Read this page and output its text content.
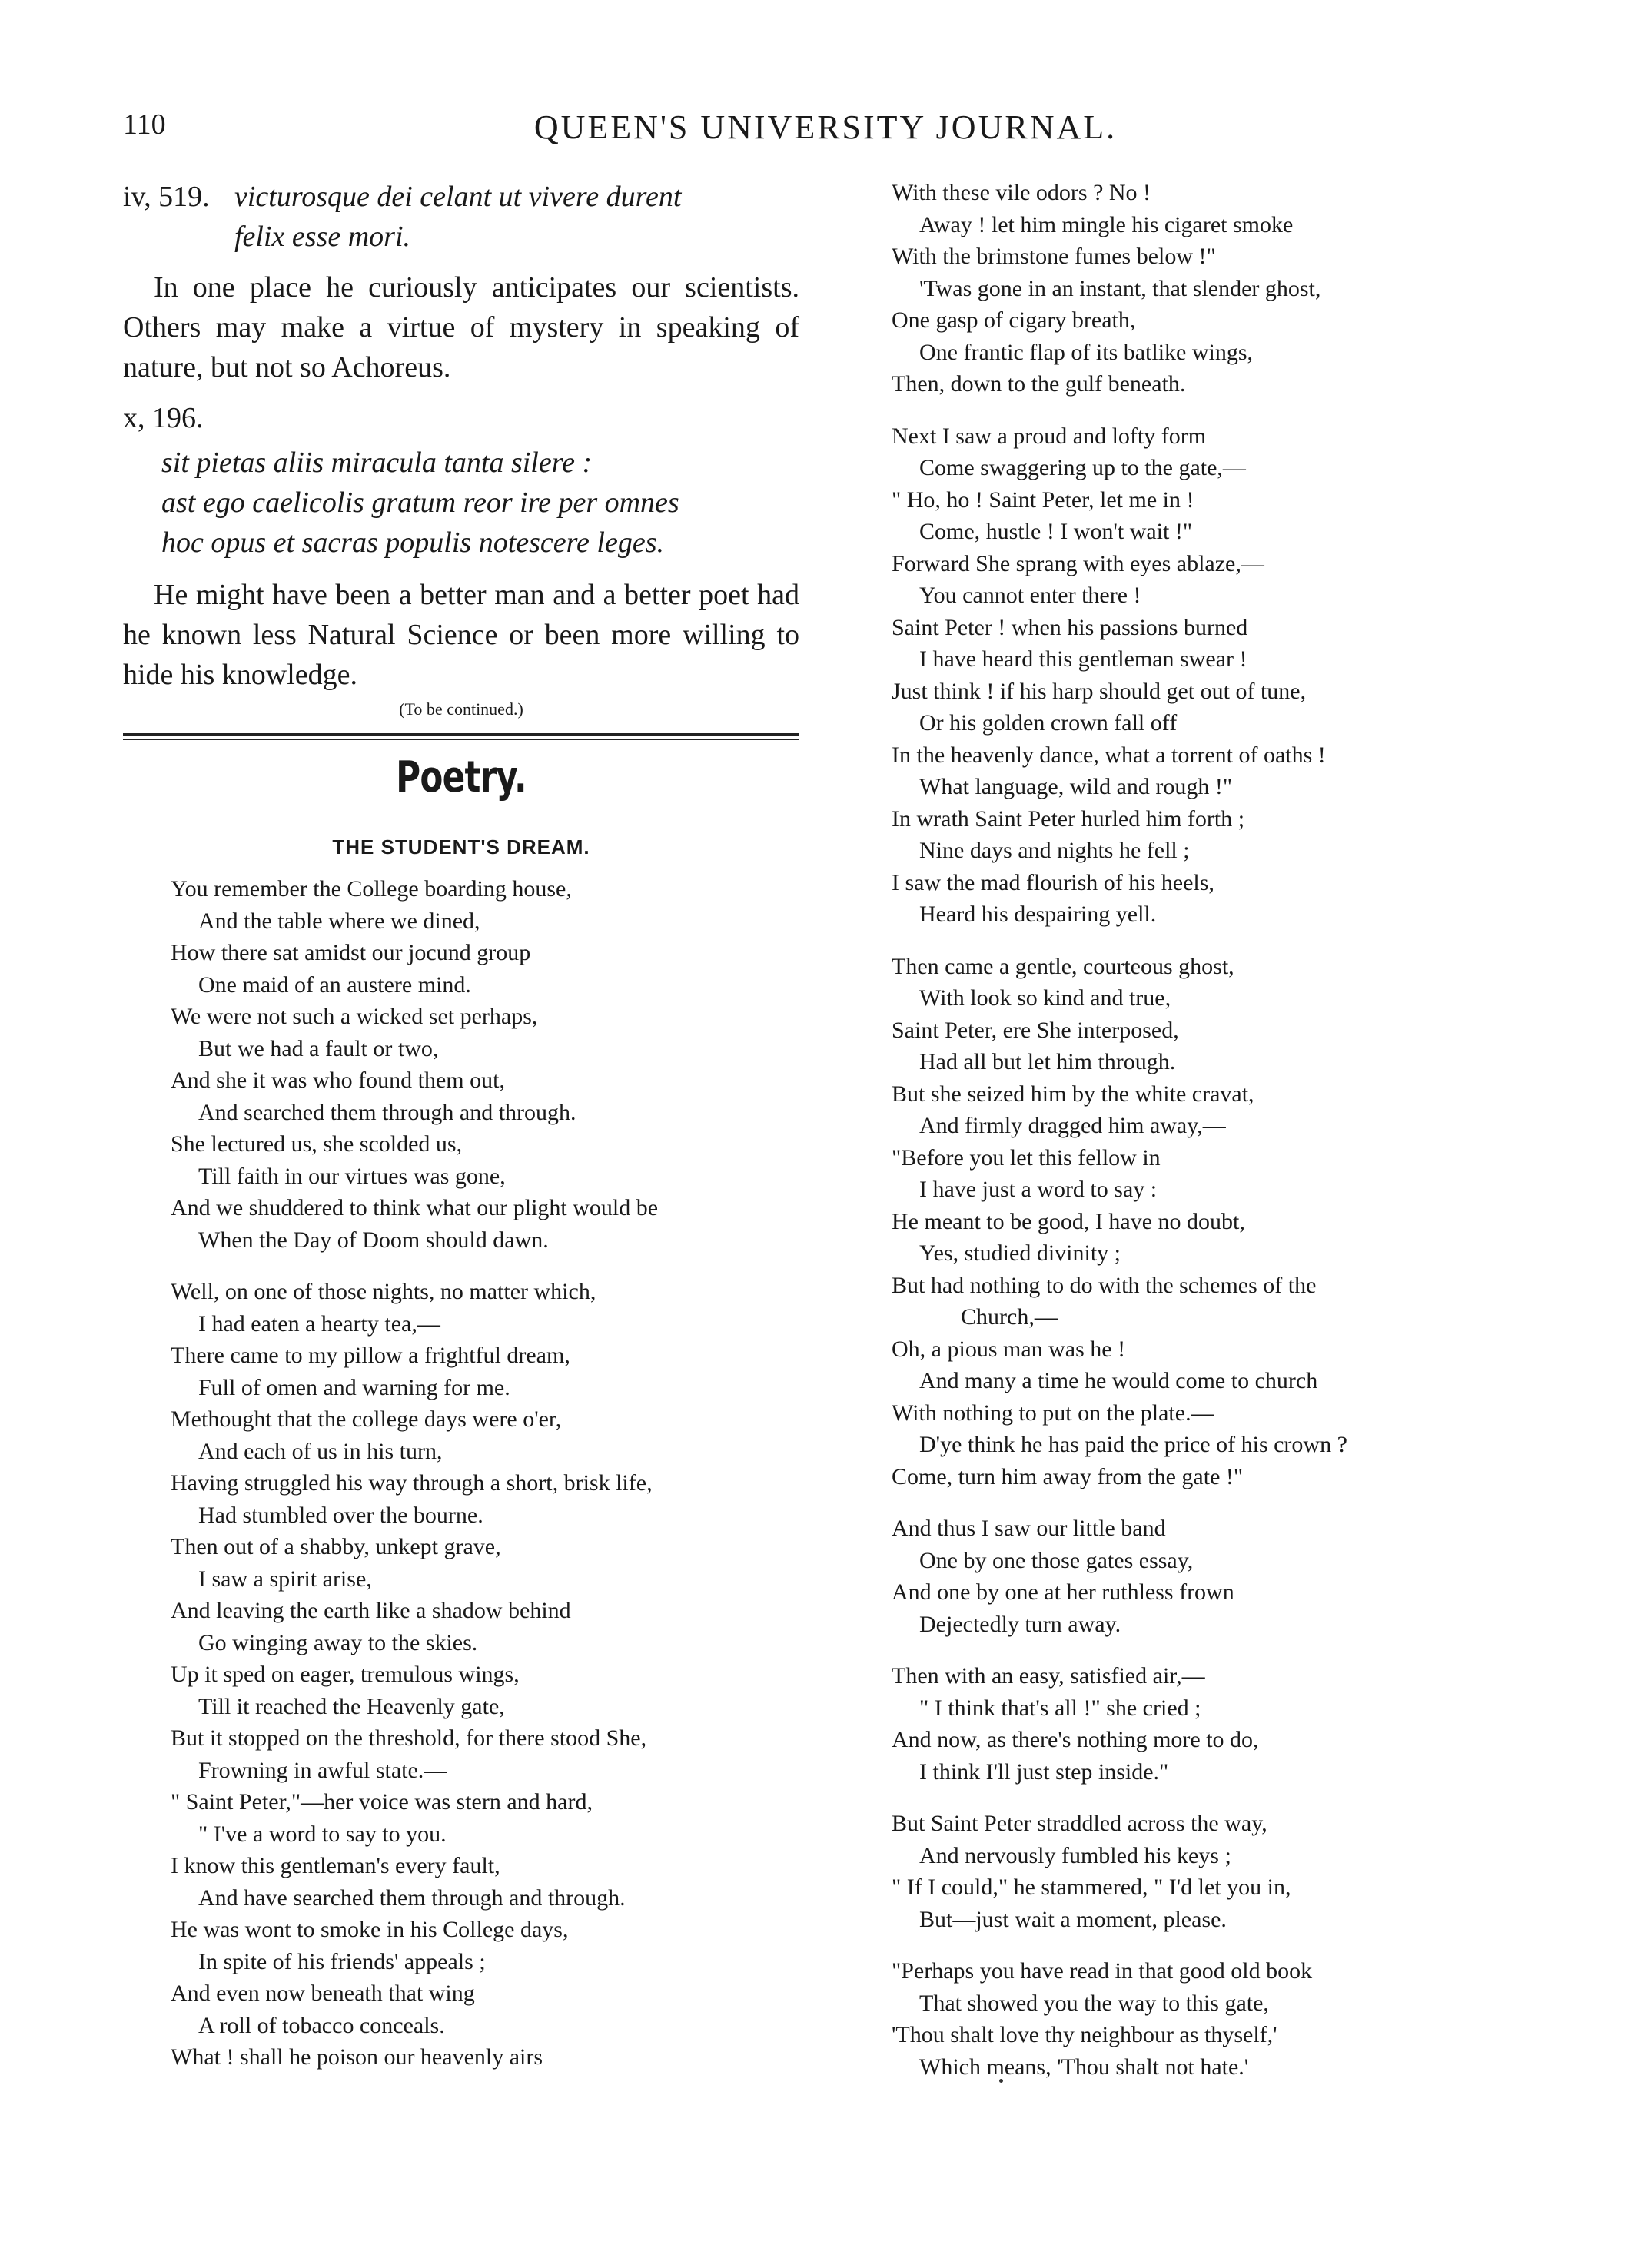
110	QUEEN'S UNIVERSITY JOURNAL.
iv, 519. victurosque dei celant ut vivere durent
felix esse mori.

In one place he curiously anticipates our scientists. Others may make a virtue of mystery in speaking of nature, but not so Achoreus.

x, 196.
sit pietas aliis miracula tanta silere :
ast ego caelicolis gratum reor ire per omnes
hoc opus et sacras populis notescere leges.

He might have been a better man and a better poet had he known less Natural Science or been more willing to hide his knowledge.

(To be continued.)
Poetry.
THE STUDENT'S DREAM.
You remember the College boarding house,
And the table where we dined,
How there sat amidst our jocund group
One maid of an austere mind.
We were not such a wicked set perhaps,
But we had a fault or two,
And she it was who found them out,
And searched them through and through.
She lectured us, she scolded us,
Till faith in our virtues was gone,
And we shuddered to think what our plight would be
When the Day of Doom should dawn.
Well, on one of those nights, no matter which,
I had eaten a hearty tea,—
There came to my pillow a frightful dream,
Full of omen and warning for me.
Methought that the college days were o'er,
And each of us in his turn,
Having struggled his way through a short, brisk life,
Had stumbled over the bourne.
Then out of a shabby, unkept grave,
I saw a spirit arise,
And leaving the earth like a shadow behind
Go winging away to the skies.
Up it sped on eager, tremulous wings,
Till it reached the Heavenly gate,
But it stopped on the threshold, for there stood She,
Frowning in awful state.—
" Saint Peter,"—her voice was stern and hard,
" I've a word to say to you.
I know this gentleman's every fault,
And have searched them through and through.
He was wont to smoke in his College days,
In spite of his friends' appeals ;
And even now beneath that wing
A roll of tobacco conceals.
What ! shall he poison our heavenly airs
With these vile odors ? No !
Away ! let him mingle his cigaret smoke
With the brimstone fumes below !"
'Twas gone in an instant, that slender ghost,
One gasp of cigary breath,
One frantic flap of its batlike wings,
Then, down to the gulf beneath.
Next I saw a proud and lofty form
Come swaggering up to the gate,—
" Ho, ho ! Saint Peter, let me in !
Come, hustle ! I won't wait !"
Forward She sprang with eyes ablaze,—
You cannot enter there !
Saint Peter ! when his passions burned
I have heard this gentleman swear !
Just think ! if his harp should get out of tune,
Or his golden crown fall off
In the heavenly dance, what a torrent of oaths !
What language, wild and rough !"
In wrath Saint Peter hurled him forth ;
Nine days and nights he fell ;
I saw the mad flourish of his heels,
Heard his despairing yell.
Then came a gentle, courteous ghost,
With look so kind and true,
Saint Peter, ere She interposed,
Had all but let him through.
But she seized him by the white cravat,
And firmly dragged him away,—
"Before you let this fellow in
I have just a word to say :
He meant to be good, I have no doubt,
Yes, studied divinity ;
But had nothing to do with the schemes of the
Church,—
Oh, a pious man was he !
And many a time he would come to church
With nothing to put on the plate.—
D'ye think he has paid the price of his crown ?
Come, turn him away from the gate !"
And thus I saw our little band
One by one those gates essay,
And one by one at her ruthless frown
Dejectedly turn away.
Then with an easy, satisfied air,—
" I think that's all !" she cried ;
And now, as there's nothing more to do,
I think I'll just step inside."
But Saint Peter straddled across the way,
And nervously fumbled his keys ;
" If I could," he stammered, " I'd let you in,
But—just wait a moment, please.
"Perhaps you have read in that good old book
That showed you the way to this gate,
'Thou shalt love thy neighbour as thyself,'
Which means, 'Thou shalt not hate.'
